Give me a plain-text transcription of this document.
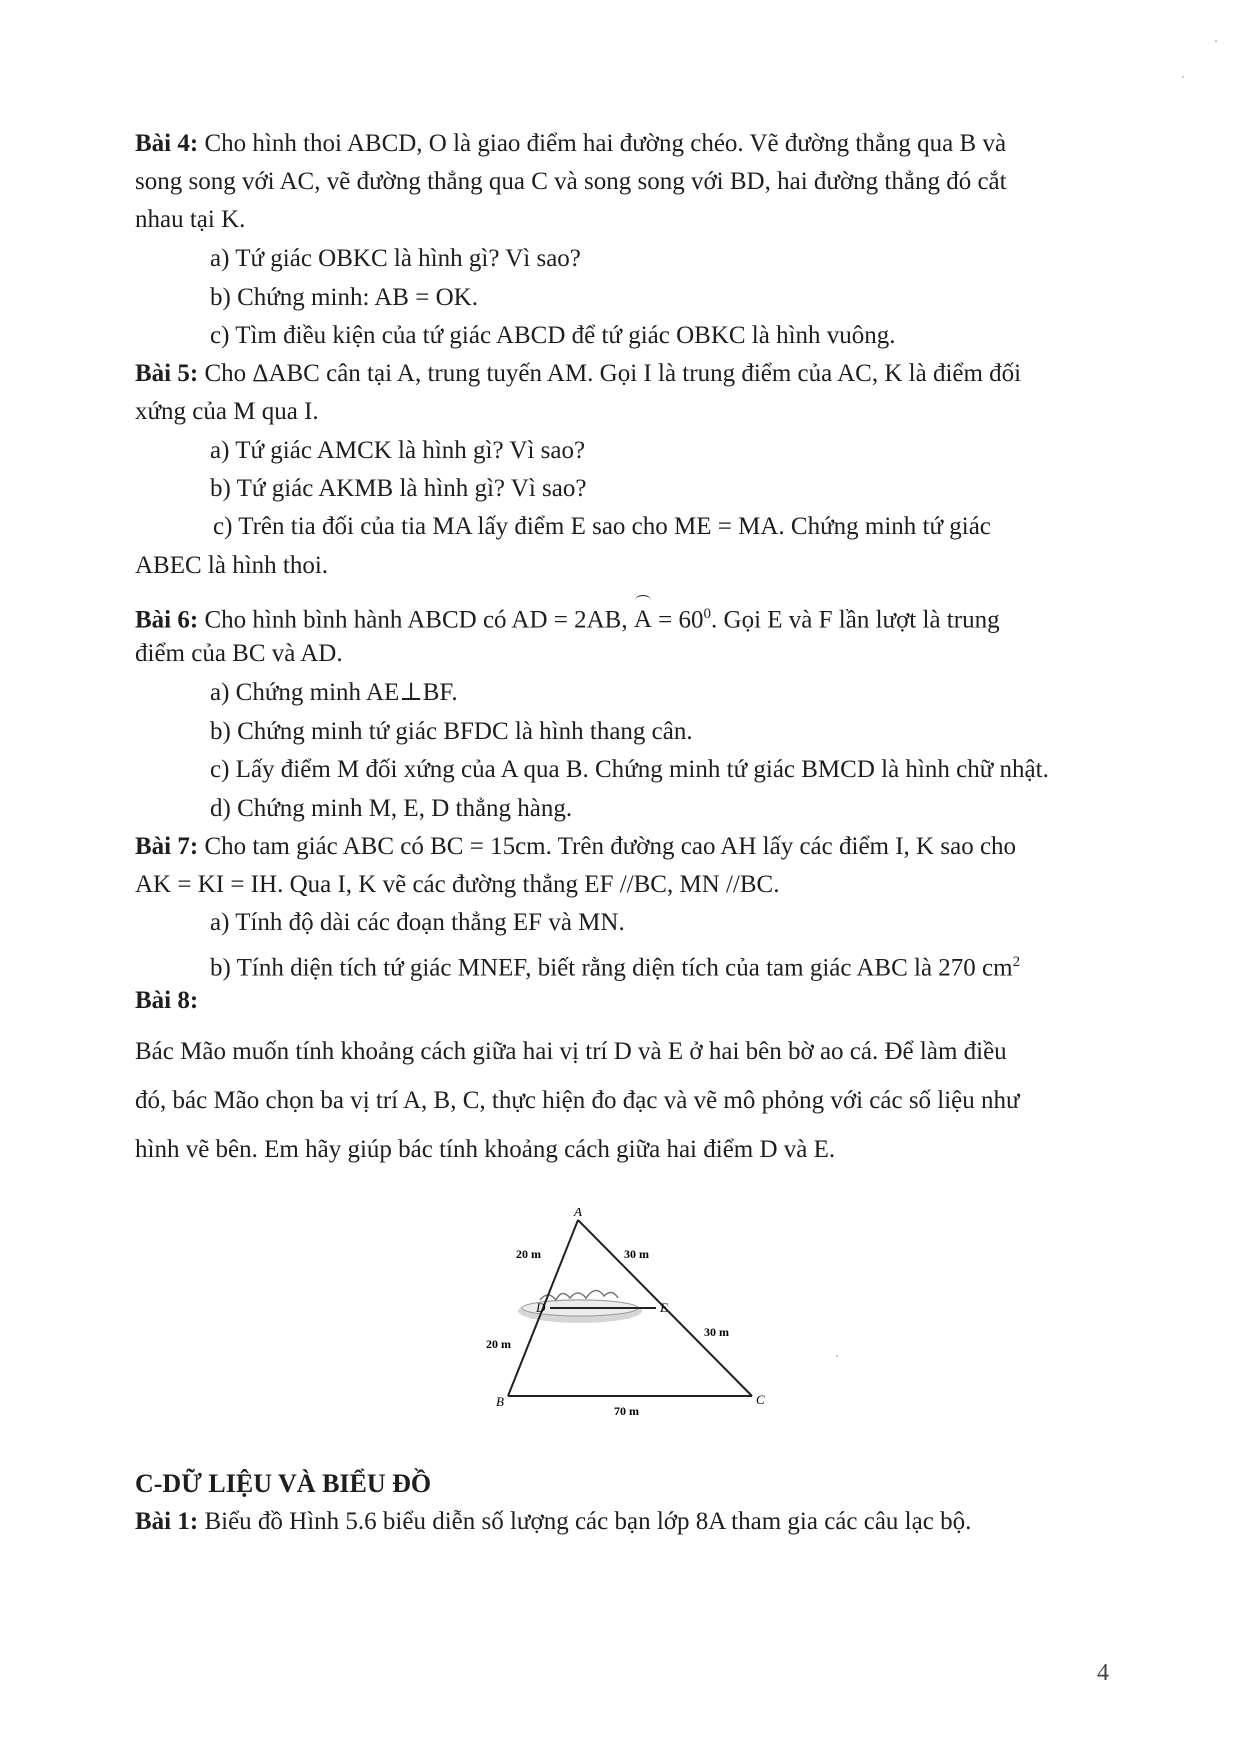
Bài 4: Cho hình thoi ABCD, O là giao điểm hai đường chéo. Vẽ đường thẳng qua B và
song song với AC, vẽ đường thẳng qua C và song song với BD, hai đường thẳng đó cắt
nhau tại K.
a) Tứ giác OBKC là hình gì? Vì sao?
b) Chứng minh: AB = OK.
c) Tìm điều kiện của tứ giác ABCD để tứ giác OBKC là hình vuông.
Bài 5: Cho ΔABC cân tại A, trung tuyến AM. Gọi I là trung điểm của AC, K là điểm đối
xứng của M qua I.
a) Tứ giác AMCK là hình gì? Vì sao?
b) Tứ giác AKMB là hình gì? Vì sao?
c) Trên tia đối của tia MA lấy điểm E sao cho ME = MA. Chứng minh tứ giác
ABEC là hình thoi.
Bài 6: Cho hình bình hành ABCD có AD = 2AB, $A = 60^0$. Gọi E và F lần lượt là trung
điểm của BC và AD.
a) Chứng minh AE⊥BF.
b) Chứng minh tứ giác BFDC là hình thang cân.
c) Lấy điểm M đối xứng của A qua B. Chứng minh tứ giác BMCD là hình chữ nhật.
d) Chứng minh M, E, D thẳng hàng.
Bài 7: Cho tam giác ABC có BC = 15cm. Trên đường cao AH lấy các điểm I, K sao cho
AK = KI = IH. Qua I, K vẽ các đường thẳng EF //BC, MN //BC.
a) Tính độ dài các đoạn thẳng EF và MN.
b) Tính diện tích tứ giác MNEF, biết rằng diện tích của tam giác ABC là 270 $cm^2$
Bài 8:
Bác Mão muốn tính khoảng cách giữa hai vị trí D và E ở hai bên bờ ao cá. Để làm điều
đó, bác Mão chọn ba vị trí A, B, C, thực hiện đo đạc và vẽ mô phỏng với các số liệu như
hình vẽ bên. Em hãy giúp bác tính khoảng cách giữa hai điểm D và E.
A
B	C
D	E
20 m	30 m
20 m
30 m
70 m
C-DỮ LIỆU VÀ BIỂU ĐỒ
Bài 1: Biểu đồ Hình 5.6 biểu diễn số lượng các bạn lớp 8A tham gia các câu lạc bộ.
4
